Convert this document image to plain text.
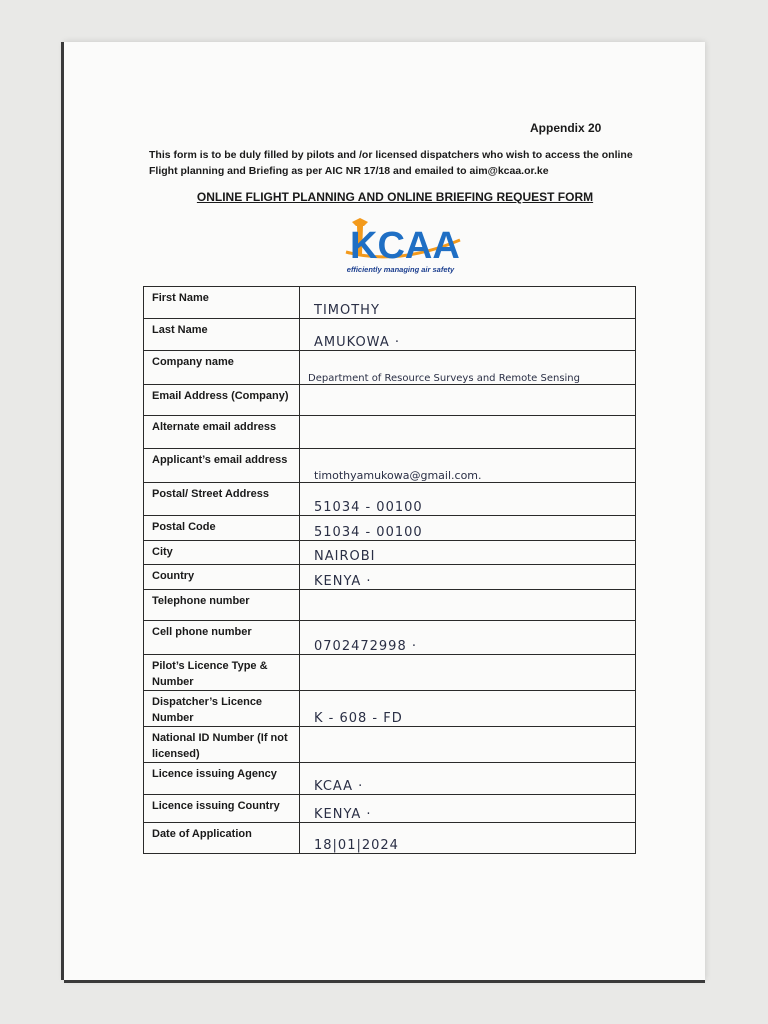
Appendix 20
This form is to be duly filled by pilots and /or licensed dispatchers who wish to access the online
Flight planning and Briefing as per AIC NR 17/18 and emailed to aim@kcaa.or.ke
ONLINE FLIGHT PLANNING AND ONLINE BRIEFING REQUEST FORM
KCAA
efficiently managing air safety
First Name	TIMOTHY

Last Name	AMUKOWA ·

Company name	Department of Resource Surveys and Remote Sensing

Email Address (Company)	

Alternate email address	

Applicant’s email address	timothyamukowa@gmail.com.

Postal/ Street Address	51034 - 00100

Postal Code	51034 - 00100

City	NAIROBI

Country	KENYA ·

Telephone number	

Cell phone number	0702472998 ·

Pilot’s Licence Type & Number	

Dispatcher’s Licence Number	K - 608 - FD

National ID Number (If not licensed)	

Licence issuing Agency	KCAA ·

Licence issuing Country	KENYA ·

Date of Application	18|01|2024
